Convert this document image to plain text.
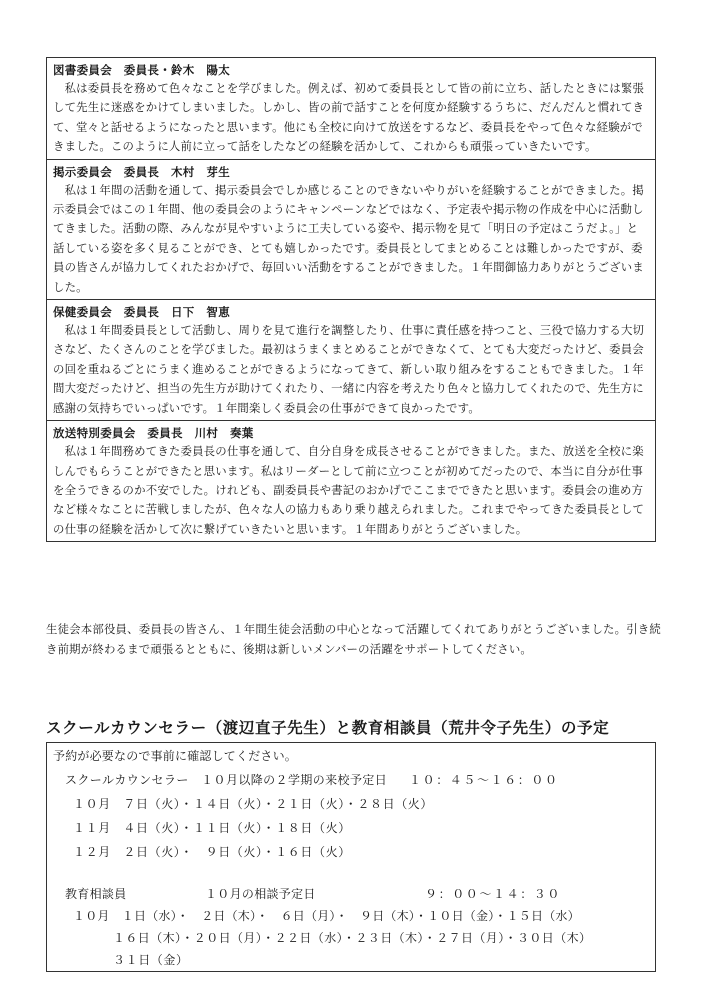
図書委員会　委員長・鈴木　陽太
　私は委員長を務めて色々なことを学びました。例えば、初めて委員長として皆の前に立ち、話したときには緊張して先生に迷惑をかけてしまいました。しかし、皆の前で話すことを何度か経験するうちに、だんだんと慣れてきて、堂々と話せるようになったと思います。他にも全校に向けて放送をするなど、委員長をやって色々な経験ができました。このように人前に立って話をしたなどの経験を活かして、これからも頑張っていきたいです。
掲示委員会　委員長　木村　芽生
　私は１年間の活動を通して、掲示委員会でしか感じることのできないやりがいを経験することができました。掲示委員会ではこの１年間、他の委員会のようにキャンペーンなどではなく、予定表や掲示物の作成を中心に活動してきました。活動の際、みんなが見やすいように工夫している姿や、掲示物を見て「明日の予定はこうだよ。」と話している姿を多く見ることができ、とても嬉しかったです。委員長としてまとめることは難しかったですが、委員の皆さんが協力してくれたおかげで、毎回いい活動をすることができました。１年間御協力ありがとうございました。
保健委員会　委員長　日下　智恵
　私は１年間委員長として活動し、周りを見て進行を調整したり、仕事に責任感を持つこと、三役で協力する大切さなど、たくさんのことを学びました。最初はうまくまとめることができなくて、とても大変だったけど、委員会の回を重ねるごとにうまく進めることができるようになってきて、新しい取り組みをすることもできました。１年間大変だったけど、担当の先生方が助けてくれたり、一緒に内容を考えたり色々と協力してくれたので、先生方に感謝の気持ちでいっぱいです。１年間楽しく委員会の仕事ができて良かったです。
放送特別委員会　委員長　川村　奏葉
　私は１年間務めてきた委員長の仕事を通して、自分自身を成長させることができました。また、放送を全校に楽しんでもらうことができたと思います。私はリーダーとして前に立つことが初めてだったので、本当に自分が仕事を全うできるのか不安でした。けれども、副委員長や書記のおかげでここまでできたと思います。委員会の進め方など様々なことに苦戦しましたが、色々な人の協力もあり乗り越えられました。これまでやってきた委員長としての仕事の経験を活かして次に繋げていきたいと思います。１年間ありがとうございました。
生徒会本部役員、委員長の皆さん、１年間生徒会活動の中心となって活躍してくれてありがとうございました。引き続き前期が終わるまで頑張るとともに、後期は新しいメンバーの活躍をサポートしてください。
スクールカウンセラー（渡辺直子先生）と教育相談員（荒井令子先生）の予定
予約が必要なので事前に確認してください。
スクールカウンセラー　１０月以降の２学期の来校予定日 １０：４５～１６：００
１０月　７日（火）・１４日（火）・２１日（火）・２８日（火）
１１月　４日（火）・１１日（火）・１８日（火）
１２月　２日（火）・　９日（火）・１６日（火）
教育相談員	１０月の相談予定日	９：００～１４：３０
１０月　１日（水）・　２日（木）・　６日（月）・　９日（木）・１０日（金）・１５日（水）
１６日（木）・２０日（月）・２２日（水）・２３日（木）・２７日（月）・３０日（木）
３１日（金）
